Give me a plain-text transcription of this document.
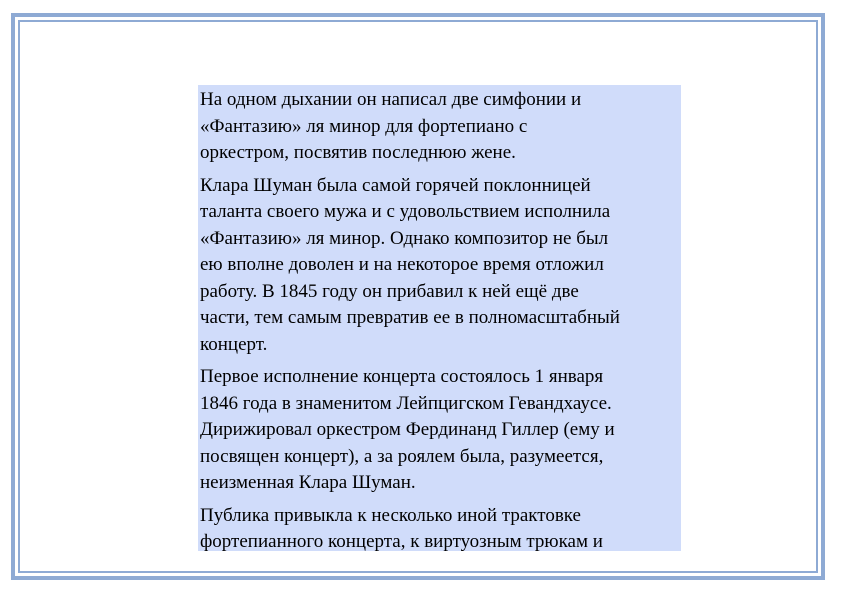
На одном дыхании он написал две симфонии и
«Фантазию» ля минор для фортепиано с
оркестром, посвятив последнюю жене.

Клара Шуман была самой горячей поклонницей
таланта своего мужа и с удовольствием исполнила
«Фантазию» ля минор. Однако композитор не был
ею вполне доволен и на некоторое время отложил
работу. В 1845 году он прибавил к ней ещё две
части, тем самым превратив ее в полномасштабный
концерт.

Первое исполнение концерта состоялось 1 января
1846 года в знаменитом Лейпцигском Гевандхаусе.
Дирижировал оркестром Фердинанд Гиллер (ему и
посвящен концерт), а за роялем была, разумеется,
неизменная Клара Шуман.

Публика привыкла к несколько иной трактовке
фортепианного концерта, к виртуозным трюкам и
